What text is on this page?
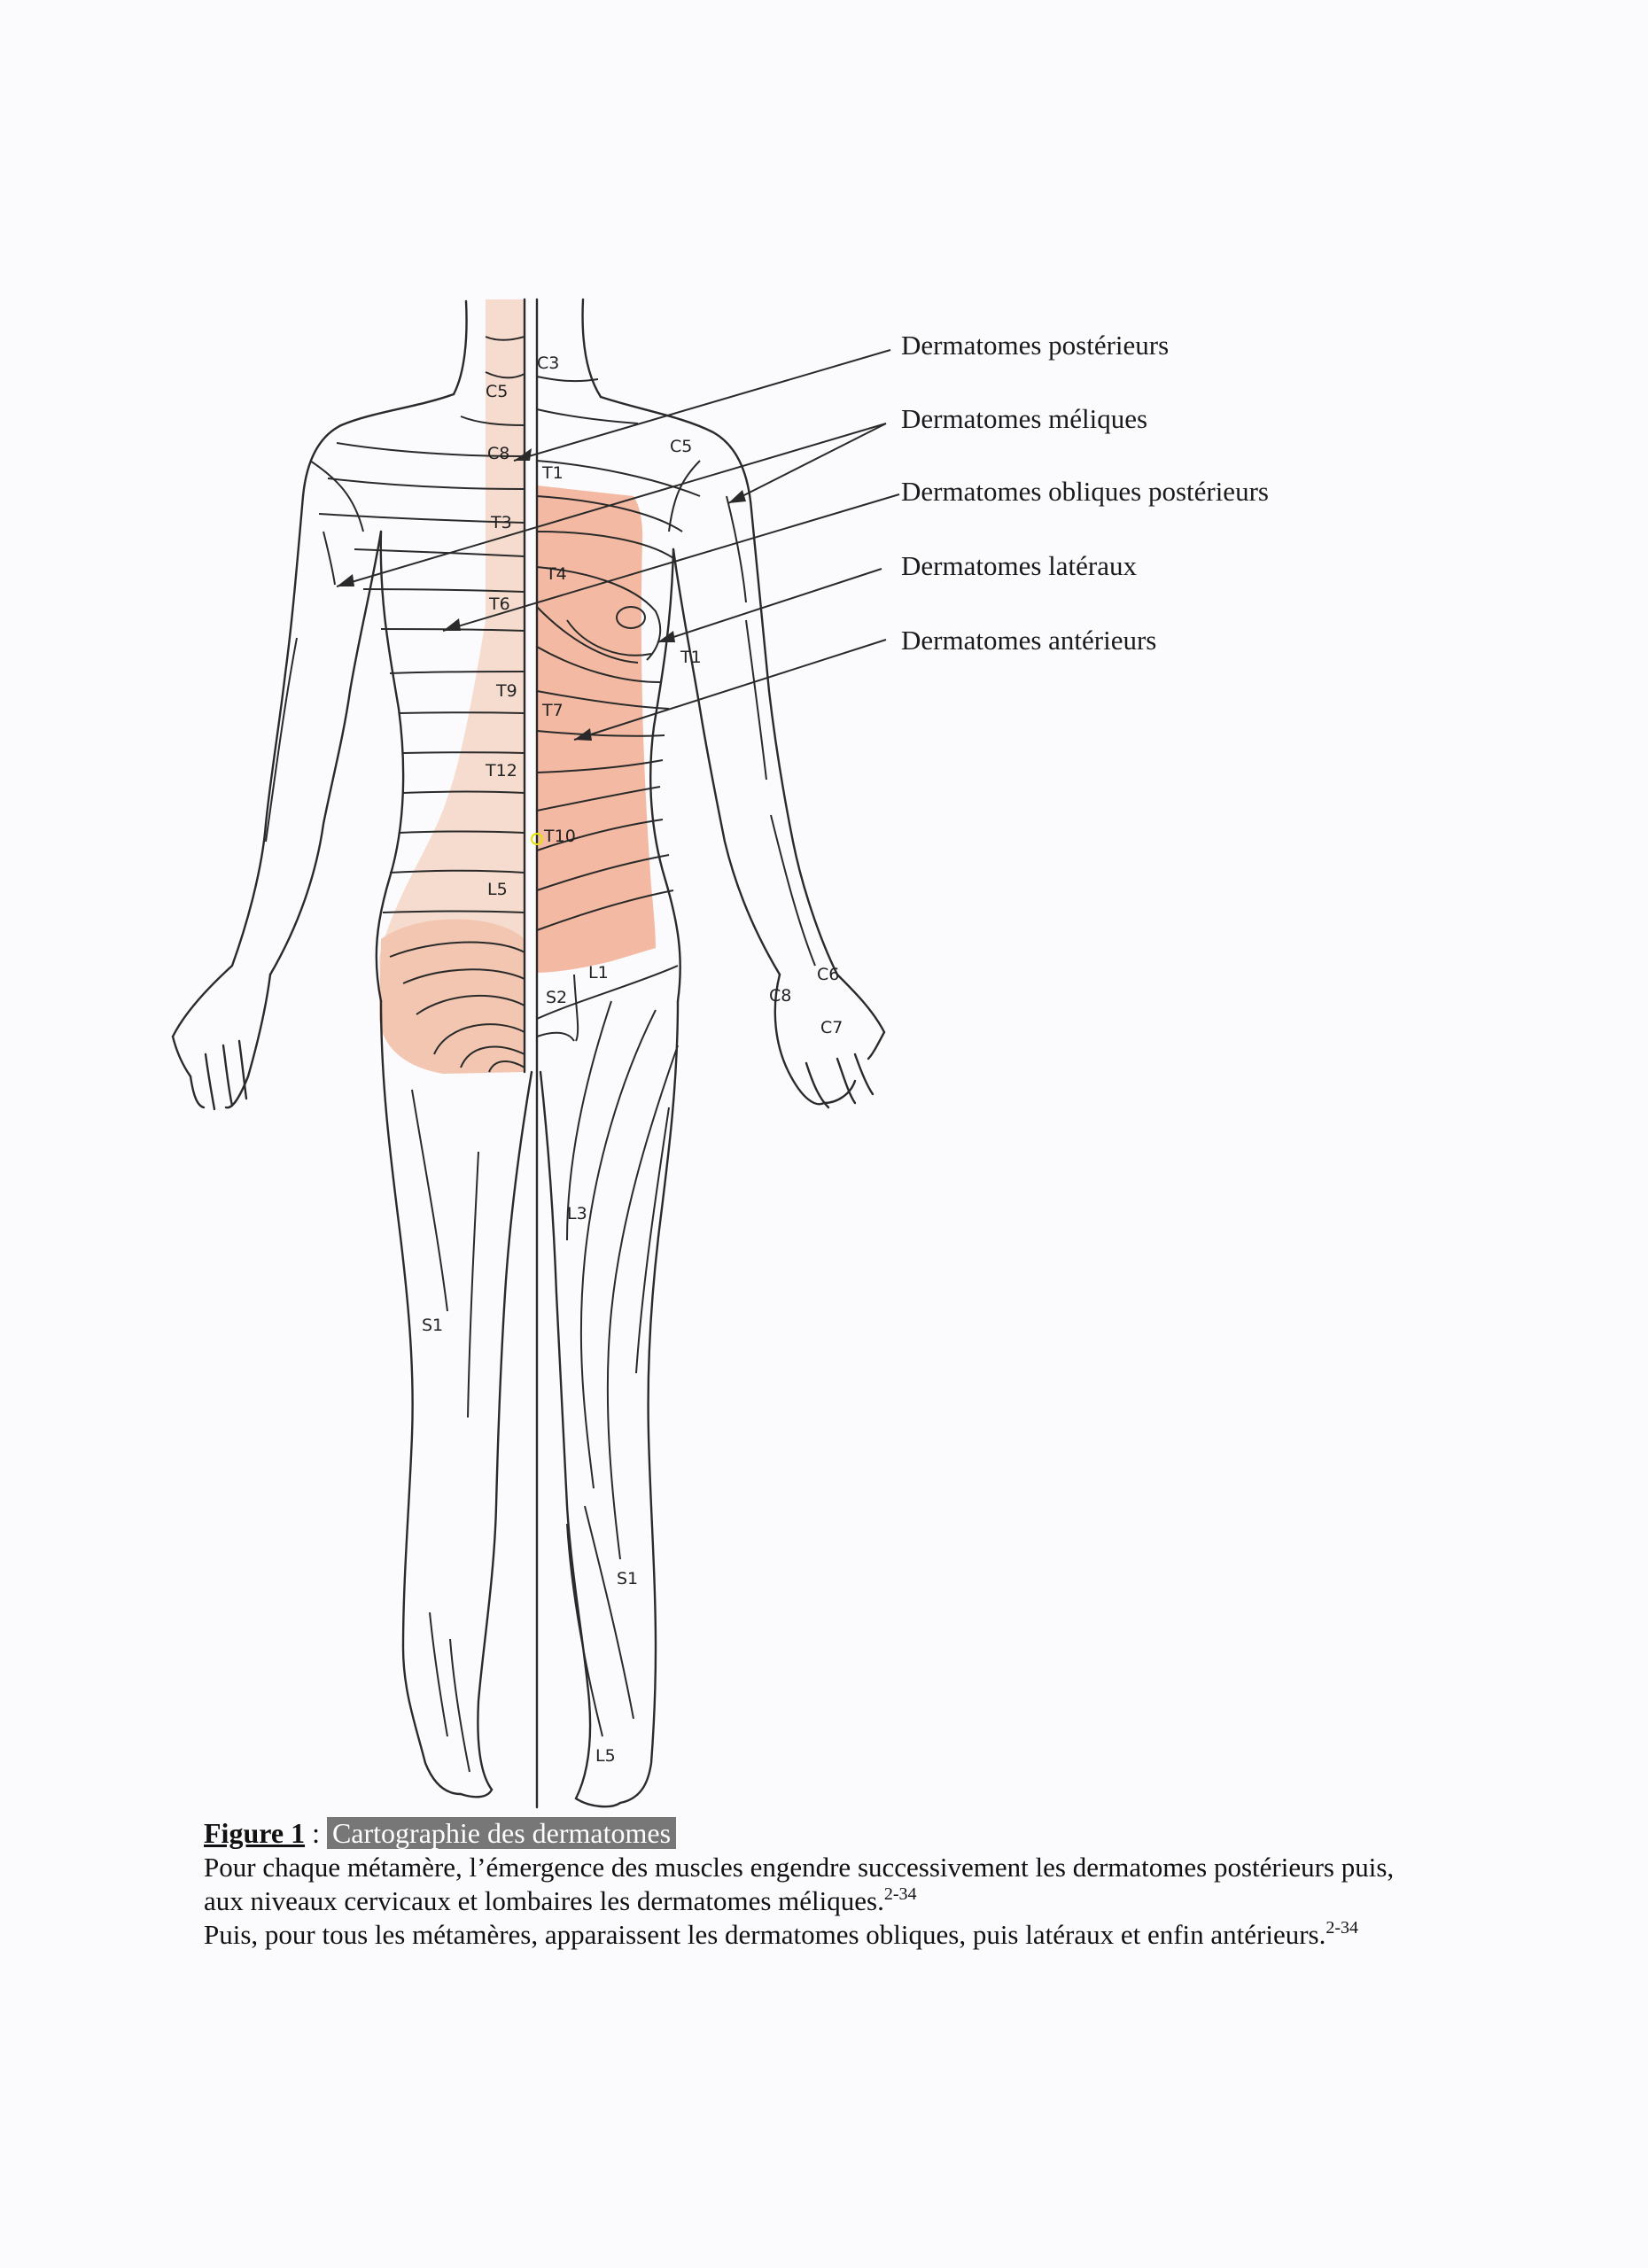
C3
C5
C8
T1
C5
T3
T4
T6
T1
T9
T7
T12
T10
L5
L1
S2
C6
C8
C7
L3
S1
S1
L5
Dermatomes postérieurs
Dermatomes méliques
Dermatomes obliques postérieurs
Dermatomes latéraux
Dermatomes antérieurs

Figure 1 : Cartographie des dermatomes

Pour chaque métamère, l’émergence des muscles engendre successivement les dermatomes postérieurs puis, aux niveaux cervicaux et lombaires les dermatomes méliques.$^{2-34}$

Puis, pour tous les métamères, apparaissent les dermatomes obliques, puis latéraux et enfin antérieurs.$^{2-34}$
